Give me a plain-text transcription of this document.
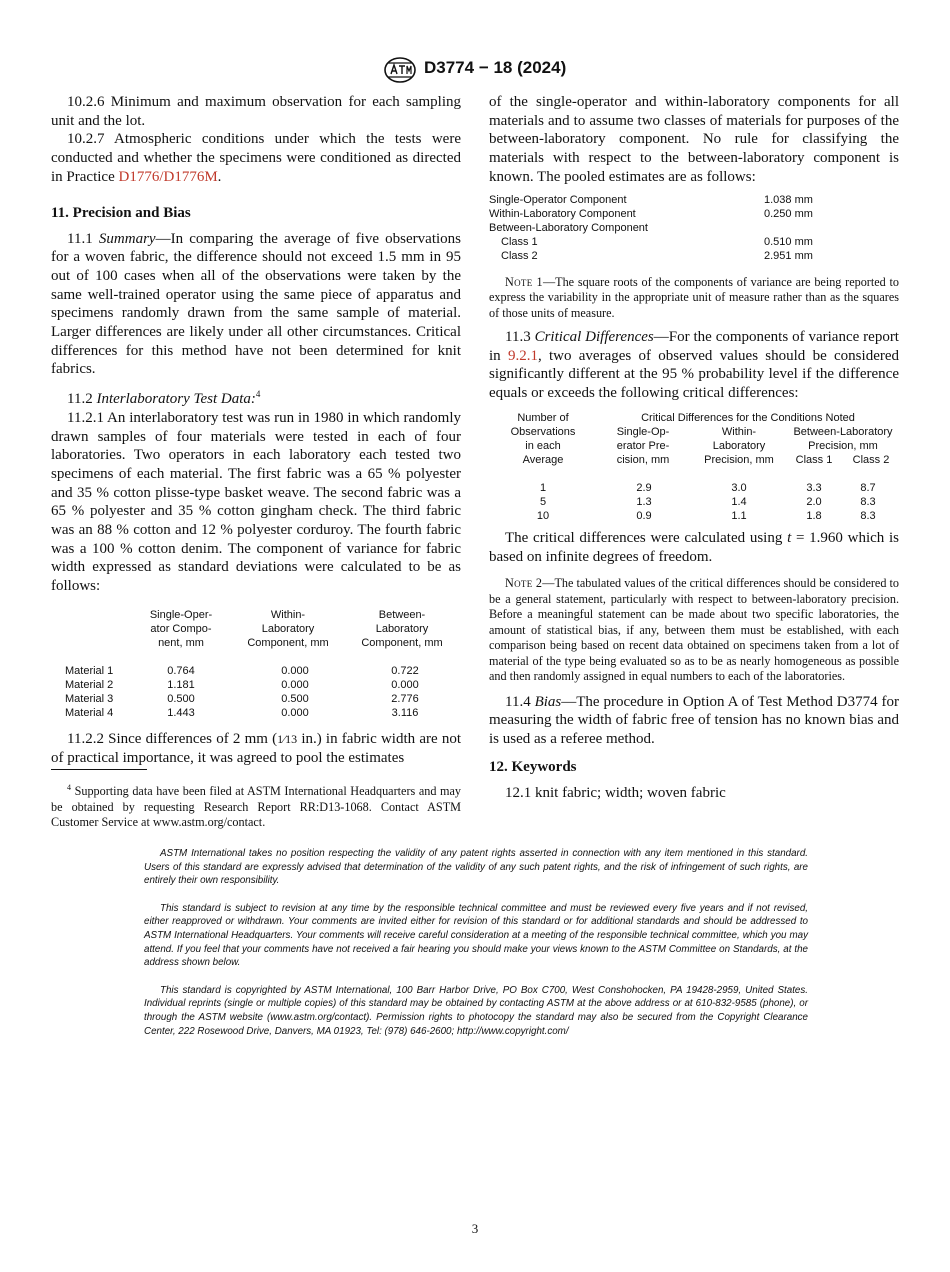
D3774 − 18 (2024)

10.2.6 Minimum and maximum observation for each sampling unit and the lot.

10.2.7 Atmospheric conditions under which the tests were conducted and whether the specimens were conditioned as directed in Practice D1776/D1776M.

11. Precision and Bias

11.1 Summary—In comparing the average of five observations for a woven fabric, the difference should not exceed 1.5 mm in 95 out of 100 cases when all of the observations were taken by the same well-trained operator using the same piece of apparatus and specimens randomly drawn from the same sample of material. Larger differences are likely under all other circumstances. Critical differences for this method have not been determined for knit fabrics.

11.2 Interlaboratory Test Data:$^4$

11.2.1 An interlaboratory test was run in 1980 in which randomly drawn samples of four materials were tested in each of four laboratories. Two operators in each laboratory each tested two specimens of each material. The first fabric was a 65 % polyester and 35 % cotton plisse-type basket weave. The second fabric was a 65 % polyester and 35 % cotton gingham check. The third fabric was an 88 % cotton and 12 % polyester corduroy. The fourth fabric was a 100 % cotton denim. The component of variance for fabric width expressed as standard deviations were calculated to be as follows:

Single-Oper-
ator Compo-
nent, mm
Within-
Laboratory
Component, mm
Between-
Laboratory
Component, mm
Material 1	0.764	0.000	0.722
Material 2	1.181	0.000	0.000
Material 3	0.500	0.500	2.776
Material 4	1.443	0.000	3.116

11.2.2 Since differences of 2 mm (1⁄13 in.) in fabric width are not of practical importance, it was agreed to pool the estimates

$^4$ Supporting data have been filed at ASTM International Headquarters and may be obtained by requesting Research Report RR:D13-1068. Contact ASTM Customer Service at www.astm.org/contact.

of the single-operator and within-laboratory components for all materials and to assume two classes of materials for purposes of the between-laboratory component. No rule for classifying the materials with respect to the between-laboratory component is known. The pooled estimates are as follows:

Single-Operator Component	1.038 mm
Within-Laboratory Component	0.250 mm
Between-Laboratory Component
Class 1	0.510 mm
Class 2	2.951 mm

Note 1—The square roots of the components of variance are being reported to express the variability in the appropriate unit of measure rather than as the squares of those units of measure.

11.3 Critical Differences—For the components of variance report in 9.2.1, two averages of observed values should be considered significantly different at the 95 % probability level if the difference equals or exceeds the following critical differences:

Number of
Observations
in each
Average
Critical Differences for the Conditions Noted
Single-Op-
erator Pre-
cision, mm
Within-
Laboratory
Precision, mm
Between-Laboratory
Precision, mm
Class 1	Class 2
1	2.9	3.0	3.3	8.7
5	1.3	1.4	2.0	8.3
10	0.9	1.1	1.8	8.3

The critical differences were calculated using t = 1.960 which is based on infinite degrees of freedom.

Note 2—The tabulated values of the critical differences should be considered to be a general statement, particularly with respect to between-laboratory precision. Before a meaningful statement can be made about two specific laboratories, the amount of statistical bias, if any, between them must be established, with each comparison being based on recent data obtained on specimens taken from a lot of material of the type being evaluated so as to be as nearly homogeneous as possible and then randomly assigned in equal numbers to each of the laboratories.

11.4 Bias—The procedure in Option A of Test Method D3774 for measuring the width of fabric free of tension has no known bias and is used as a referee method.

12. Keywords

12.1 knit fabric; width; woven fabric

ASTM International takes no position respecting the validity of any patent rights asserted in connection with any item mentioned in this standard. Users of this standard are expressly advised that determination of the validity of any such patent rights, and the risk of infringement of such rights, are entirely their own responsibility.

This standard is subject to revision at any time by the responsible technical committee and must be reviewed every five years and if not revised, either reapproved or withdrawn. Your comments are invited either for revision of this standard or for additional standards and should be addressed to ASTM International Headquarters. Your comments will receive careful consideration at a meeting of the responsible technical committee, which you may attend. If you feel that your comments have not received a fair hearing you should make your views known to the ASTM Committee on Standards, at the address shown below.

This standard is copyrighted by ASTM International, 100 Barr Harbor Drive, PO Box C700, West Conshohocken, PA 19428-2959, United States. Individual reprints (single or multiple copies) of this standard may be obtained by contacting ASTM at the above address or at 610-832-9585 (phone), or through the ASTM website (www.astm.org/contact). Permission rights to photocopy the standard may also be secured from the Copyright Clearance Center, 222 Rosewood Drive, Danvers, MA 01923, Tel: (978) 646-2600; http://www.copyright.com/

3
